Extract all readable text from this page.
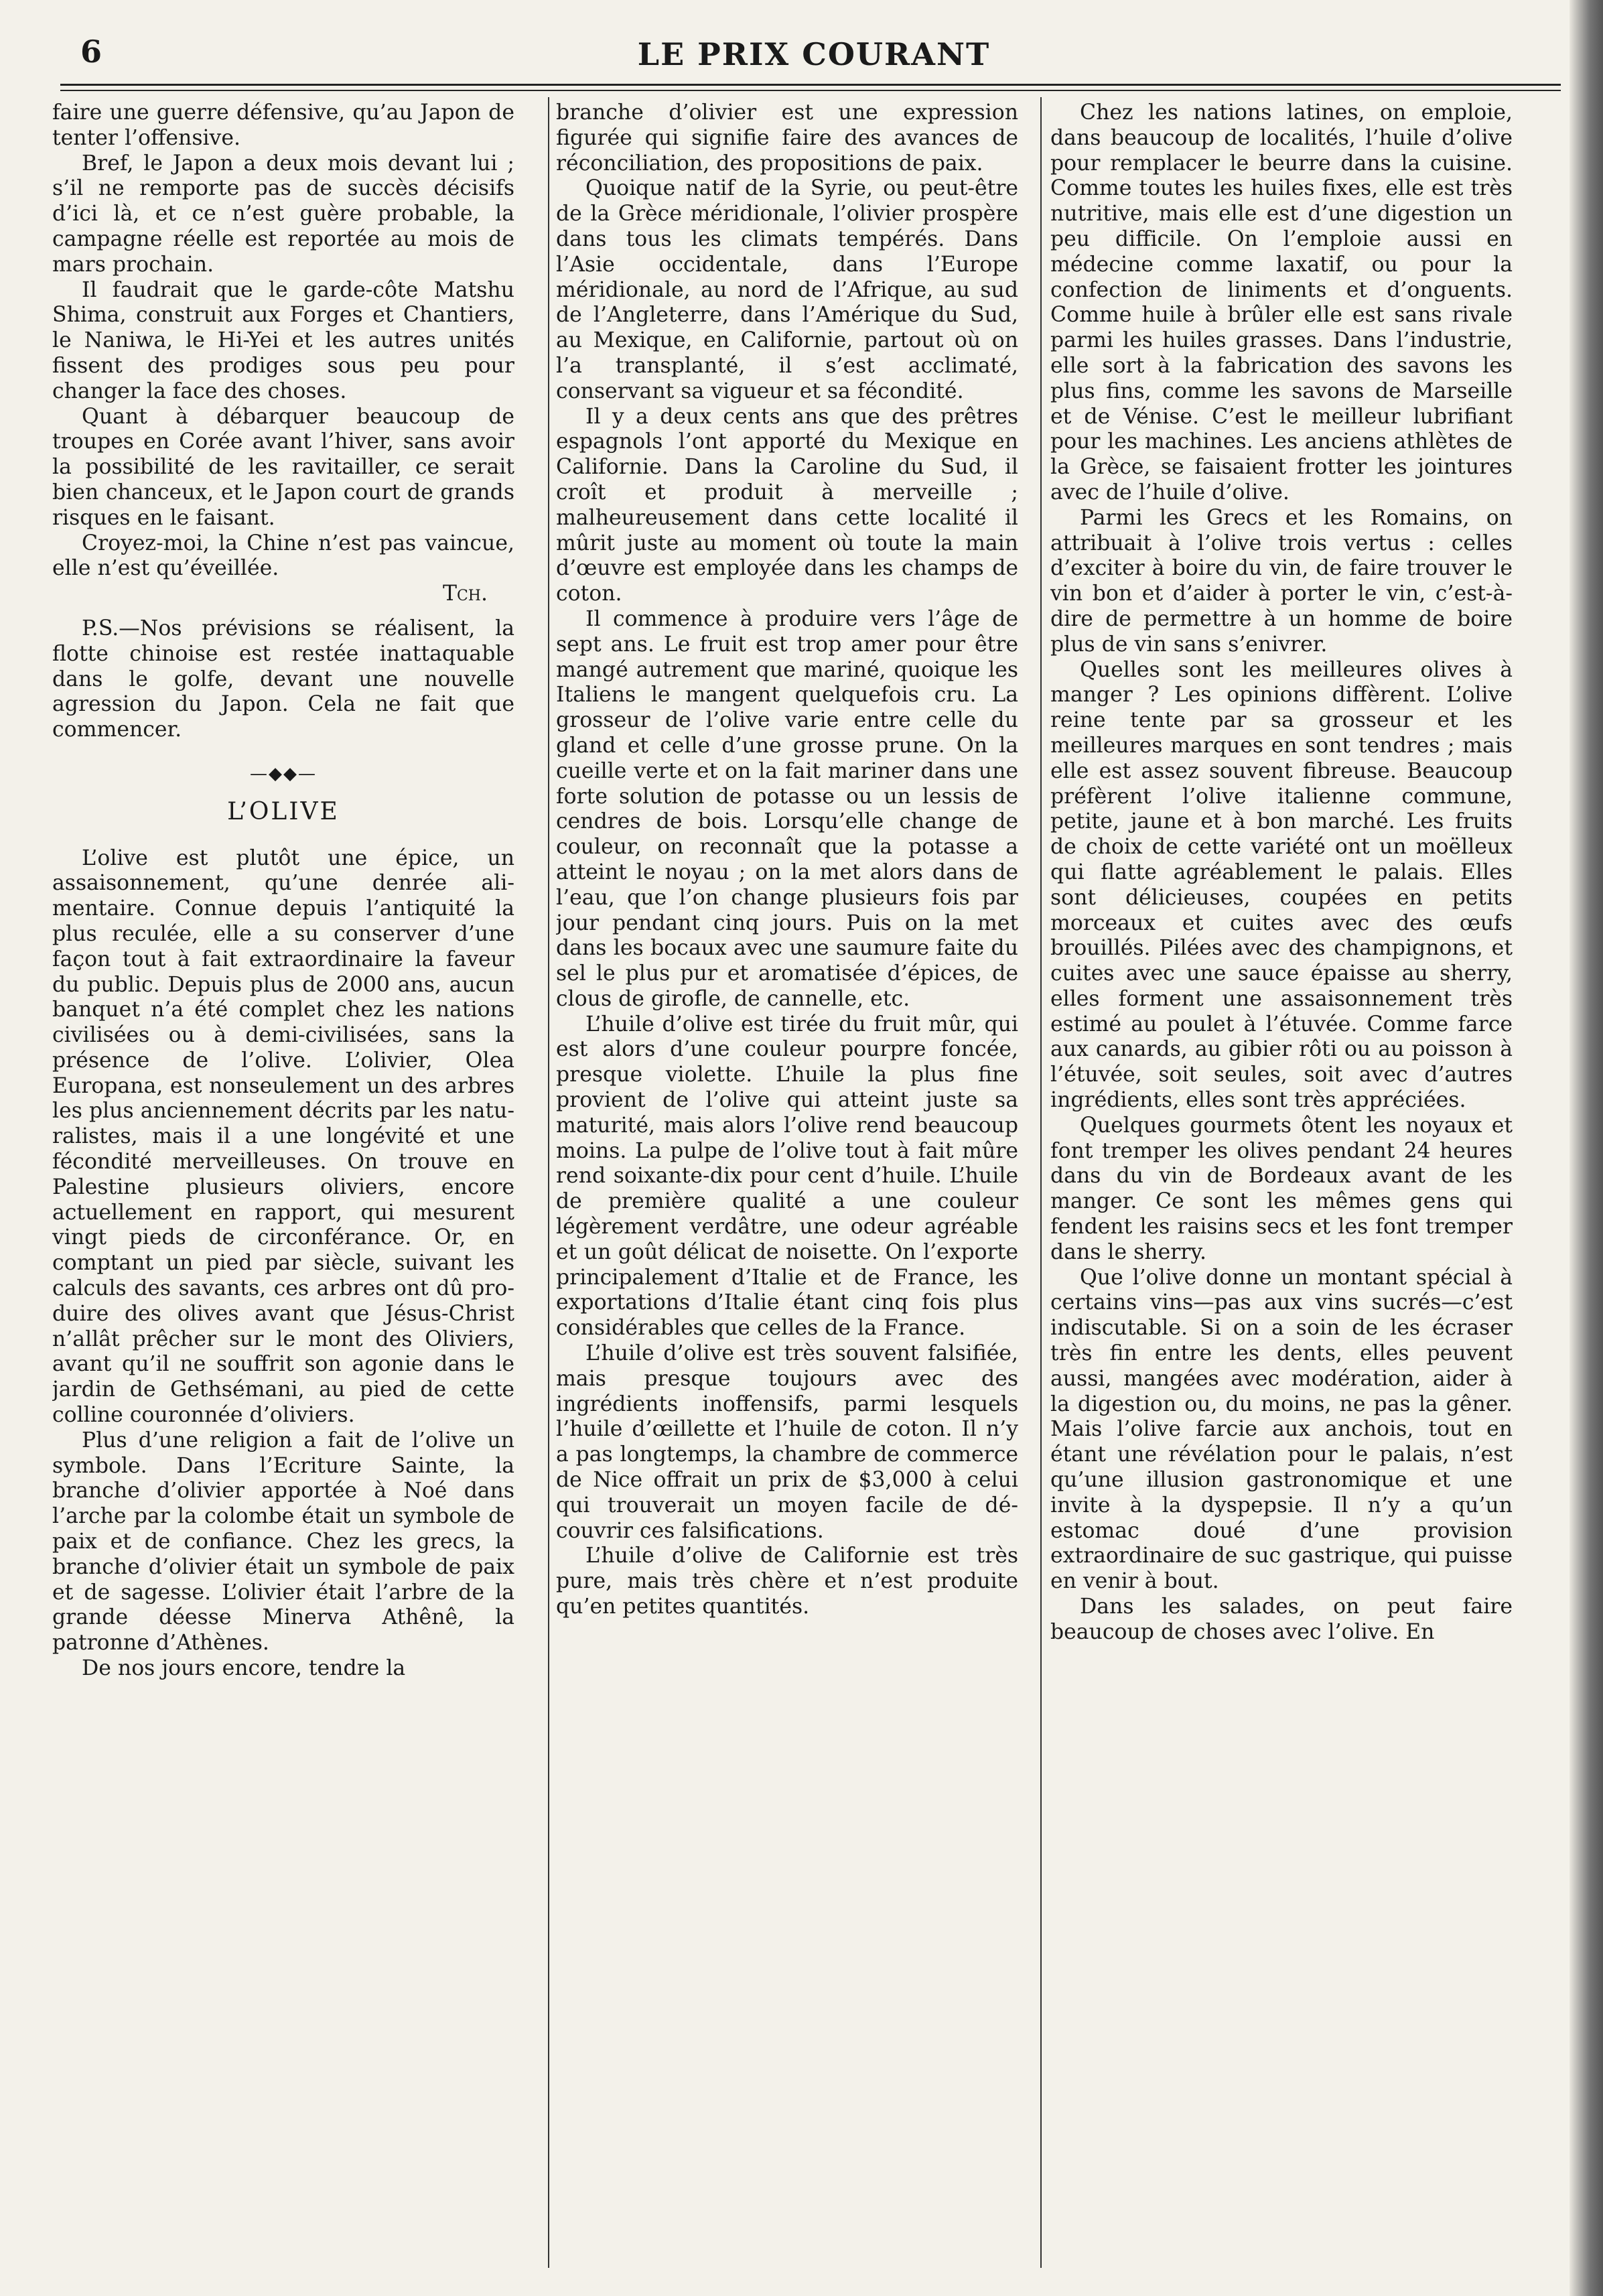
6	LE PRIX COURANT

faire une guerre défensive, qu’au Japon de tenter l’offensive.

Bref, le Japon a deux mois devant lui ; s’il ne remporte pas de succès décisifs d’ici là, et ce n’est guère probable, la campagne réelle est reportée au mois de mars prochain.

Il faudrait que le garde-côte Matshu Shima, construit aux Forges et Chantiers, le Naniwa, le Hi-Yei et les autres unités fissent des prodiges sous peu pour changer la face des choses.

Quant à débarquer beaucoup de troupes en Corée avant l’hiver, sans avoir la possibilité de les ravitailler, ce serait bien chanceux, et le Japon court de grands risques en le faisant.

Croyez-moi, la Chine n’est pas vaincue, elle n’est qu’éveillée.

Tch.

P.S.—Nos prévisions se réalisent, la flotte chinoise est restée inattaquable dans le golfe, devant une nouvelle agression du Japon. Cela ne fait que commencer.

—◆◆—
L’OLIVE

L’olive est plutôt une épice, un assaisonnement, qu’une denrée alimentaire. Connue depuis l’antiquité la plus reculée, elle a su conserver d’une façon tout à fait extraordinaire la faveur du public. Depuis plus de 2000 ans, aucun banquet n’a été complet chez les nations civilisées ou à demi-civilisées, sans la présence de l’olive. L’olivier, Olea Europana, est nonseulement un des arbres les plus anciennement décrits par les naturalistes, mais il a une longévité et une fécondité merveilleuses. On trouve en Palestine plusieurs oliviers, encore actuellement en rapport, qui mesurent vingt pieds de circonférance. Or, en comptant un pied par siècle, suivant les calculs des savants, ces arbres ont dû produire des olives avant que Jésus-Christ n’allât prêcher sur le mont des Oliviers, avant qu’il ne souffrit son agonie dans le jardin de Gethsémani, au pied de cette colline couronnée d’oliviers.

Plus d’une religion a fait de l’olive un symbole. Dans l’Ecriture Sainte, la branche d’olivier apportée à Noé dans l’arche par la colombe était un symbole de paix et de confiance. Chez les grecs, la branche d’olivier était un symbole de paix et de sagesse. L’olivier était l’arbre de la grande déesse Minerva Athênê, la patronne d’Athènes.

De nos jours encore, tendre la

branche d’olivier est une expression figurée qui signifie faire des avances de réconciliation, des propositions de paix.

Quoique natif de la Syrie, ou peut-être de la Grèce méridionale, l’olivier prospère dans tous les climats tempérés. Dans l’Asie occidentale, dans l’Europe méridionale, au nord de l’Afrique, au sud de l’Angleterre, dans l’Amérique du Sud, au Mexique, en Californie, partout où on l’a transplanté, il s’est acclimaté, conservant sa vigueur et sa fécondité.

Il y a deux cents ans que des prêtres espagnols l’ont apporté du Mexique en Californie. Dans la Caroline du Sud, il croît et produit à merveille ; malheureusement dans cette localité il mûrit juste au moment où toute la main d’œuvre est employée dans les champs de coton.

Il commence à produire vers l’âge de sept ans. Le fruit est trop amer pour être mangé autrement que mariné, quoique les Italiens le mangent quelquefois cru. La grosseur de l’olive varie entre celle du gland et celle d’une grosse prune. On la cueille verte et on la fait mariner dans une forte solution de potasse ou un lessis de cendres de bois. Lorsqu’elle change de couleur, on reconnaît que la potasse a atteint le noyau ; on la met alors dans de l’eau, que l’on change plusieurs fois par jour pendant cinq jours. Puis on la met dans les bocaux avec une saumure faite du sel le plus pur et aromatisée d’épices, de clous de girofle, de cannelle, etc.

L’huile d’olive est tirée du fruit mûr, qui est alors d’une couleur pourpre foncée, presque violette. L’huile la plus fine provient de l’olive qui atteint juste sa maturité, mais alors l’olive rend beaucoup moins. La pulpe de l’olive tout à fait mûre rend soixante-dix pour cent d’huile. L’huile de première qualité a une couleur légèrement verdâtre, une odeur agréable et un goût délicat de noisette. On l’exporte principalement d’Italie et de France, les exportations d’Italie étant cinq fois plus considérables que celles de la France.

L’huile d’olive est très souvent falsifiée, mais presque toujours avec des ingrédients inoffensifs, parmi lesquels l’huile d’œillette et l’huile de coton. Il n’y a pas longtemps, la chambre de commerce de Nice offrait un prix de $3,000 à celui qui trouverait un moyen facile de découvrir ces falsifications.

L’huile d’olive de Californie est très pure, mais très chère et n’est produite qu’en petites quantités.

Chez les nations latines, on emploie, dans beaucoup de localités, l’huile d’olive pour remplacer le beurre dans la cuisine. Comme toutes les huiles fixes, elle est très nutritive, mais elle est d’une digestion un peu difficile. On l’emploie aussi en médecine comme laxatif, ou pour la confection de liniments et d’onguents. Comme huile à brûler elle est sans rivale parmi les huiles grasses. Dans l’industrie, elle sort à la fabrication des savons les plus fins, comme les savons de Marseille et de Vénise. C’est le meilleur lubrifiant pour les machines. Les anciens athlètes de la Grèce, se faisaient frotter les jointures avec de l’huile d’olive.

Parmi les Grecs et les Romains, on attribuait à l’olive trois vertus : celles d’exciter à boire du vin, de faire trouver le vin bon et d’aider à porter le vin, c’est-à-dire de permettre à un homme de boire plus de vin sans s’enivrer.

Quelles sont les meilleures olives à manger ? Les opinions diffèrent. L’olive reine tente par sa grosseur et les meilleures marques en sont tendres ; mais elle est assez souvent fibreuse. Beaucoup préfèrent l’olive italienne commune, petite, jaune et à bon marché. Les fruits de choix de cette variété ont un moëlleux qui flatte agréablement le palais. Elles sont délicieuses, coupées en petits morceaux et cuites avec des œufs brouillés. Pilées avec des champignons, et cuites avec une sauce épaisse au sherry, elles forment une assaisonnement très estimé au poulet à l’étuvée. Comme farce aux canards, au gibier rôti ou au poisson à l’étuvée, soit seules, soit avec d’autres ingrédients, elles sont très appréciées.

Quelques gourmets ôtent les noyaux et font tremper les olives pendant 24 heures dans du vin de Bordeaux avant de les manger. Ce sont les mêmes gens qui fendent les raisins secs et les font tremper dans le sherry.

Que l’olive donne un montant spécial à certains vins—pas aux vins sucrés—c’est indiscutable. Si on a soin de les écraser très fin entre les dents, elles peuvent aussi, mangées avec modération, aider à la digestion ou, du moins, ne pas la gêner. Mais l’olive farcie aux anchois, tout en étant une révélation pour le palais, n’est qu’une illusion gastronomique et une invite à la dyspepsie. Il n’y a qu’un estomac doué d’une provision extraordinaire de suc gastrique, qui puisse en venir à bout.

Dans les salades, on peut faire beaucoup de choses avec l’olive. En
